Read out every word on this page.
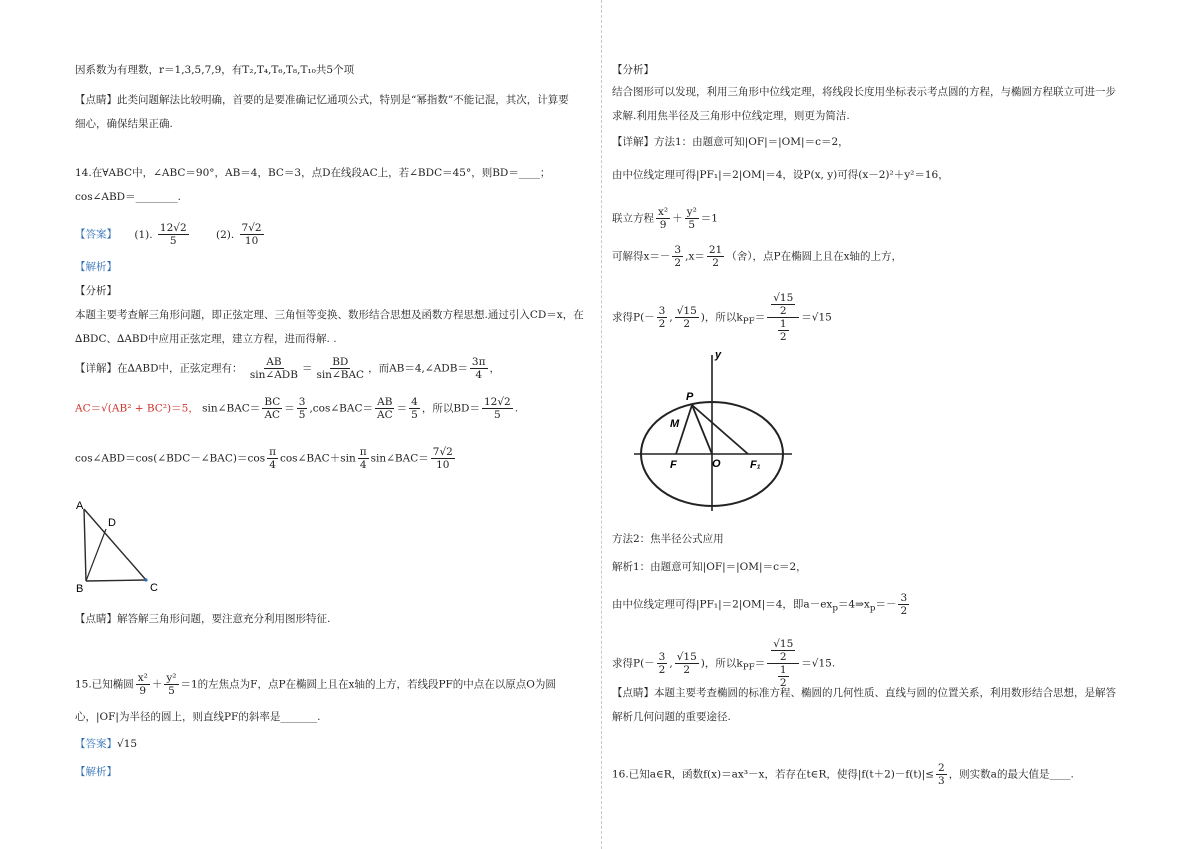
因系数为有理数，r＝1,3,5,7,9，有T₂,T₄,T₆,T₈,T₁₀共5个项
【点睛】此类问题解法比较明确，首要的是要准确记忆通项公式，特别是“幂指数”不能记混，其次，计算要
细心，确保结果正确.
14.在∀ABC中，∠ABC＝90°，AB＝4，BC＝3，点D在线段AC上，若∠BDC＝45°，则BD＝____；
cos∠ABD＝________.
【答案】 (1). $\frac{12√2}{5}$	(2). $\frac{7√2}{10}$
【解析】
【分析】
本题主要考查解三角形问题，即正弦定理、三角恒等变换、数形结合思想及函数方程思想.通过引入CD＝x，在
∆BDC、∆ABD中应用正弦定理，建立方程，进而得解. .
【详解】在∆ABD中，正弦定理有： $\frac{AB}{\text{sin∠ADB}} = \frac{BD}{\text{sin∠BAC}}$ ，而AB＝4,∠ADB＝ $\frac{3\pi}{4}$ ，
AC＝√(AB² + BC²)＝5， sin∠BAC＝ $\frac{BC}{AC} = \frac{3}{5}$ ,cos∠BAC＝ $\frac{AB}{AC} = \frac{4}{5}$ ，所以$BD= \frac{12√2}{5}$ .
cos∠ABD＝cos(∠BDC－∠BAC)＝cos $\frac{\pi}{4}$ cos∠BAC＋sin $\frac{\pi}{4}$ sin∠BAC＝ $\frac{7√2}{10}$
A
D
B	C
【点睛】解答解三角形问题，要注意充分利用图形特征.
15.已知椭圆 $\frac{\text{x²}}{9} + \frac{\text{y²}}{5} =1$的左焦点为F，点P在椭圆上且在x轴的上方，若线段PF的中点在以原点O为圆
心，|OF|为半径的圆上，则直线PF的斜率是_______.
【答案】√15
【解析】
【分析】
结合图形可以发现，利用三角形中位线定理，将线段长度用坐标表示考点圆的方程，与椭圆方程联立可进一步
求解.利用焦半径及三角形中位线定理，则更为简洁.
【详解】方法1：由题意可知|OF|＝|OM|＝c＝2，
由中位线定理可得|PF₁|＝2|OM|＝4，设P(x, y)可得(x－2)²＋y²＝16，
联立方程 $\frac{\text{x²}}{9} + \frac{\text{y²}}{5} =1$
可解得$x=- \frac{3}{2} ,x= \frac{21}{2}$ （舍），点P在椭圆上且在x轴的上方，
求得$P(- \frac{3}{2}$ , $\frac{√15}{2}$ )，所以$k_{PF}= \frac{\frac{√15}{2}}{\frac{1}{2}} =√15$
y
P
M
F	O	F₁
方法2：焦半径公式应用
解析1：由题意可知|OF|＝|OM|＝c＝2，
由中位线定理可得|PF₁|＝2|OM|＝4，即$a-ex_p=4\Rightarrow x_p=- \frac{3}{2}$
求得$P(- \frac{3}{2}$ , $\frac{√15}{2}$ )，所以$k_{PF}= \frac{\frac{√15}{2}}{\frac{1}{2}} =√15$.
【点睛】本题主要考查椭圆的标准方程、椭圆的几何性质、直线与圆的位置关系，利用数形结合思想，是解答
解析几何问题的重要途径.
16.已知a∈R，函数f(x)＝ax³－x，若存在t∈R，使得$|f(t+2)-f(t)|\le \frac{2}{3}$ ，则实数a的最大值是____.
